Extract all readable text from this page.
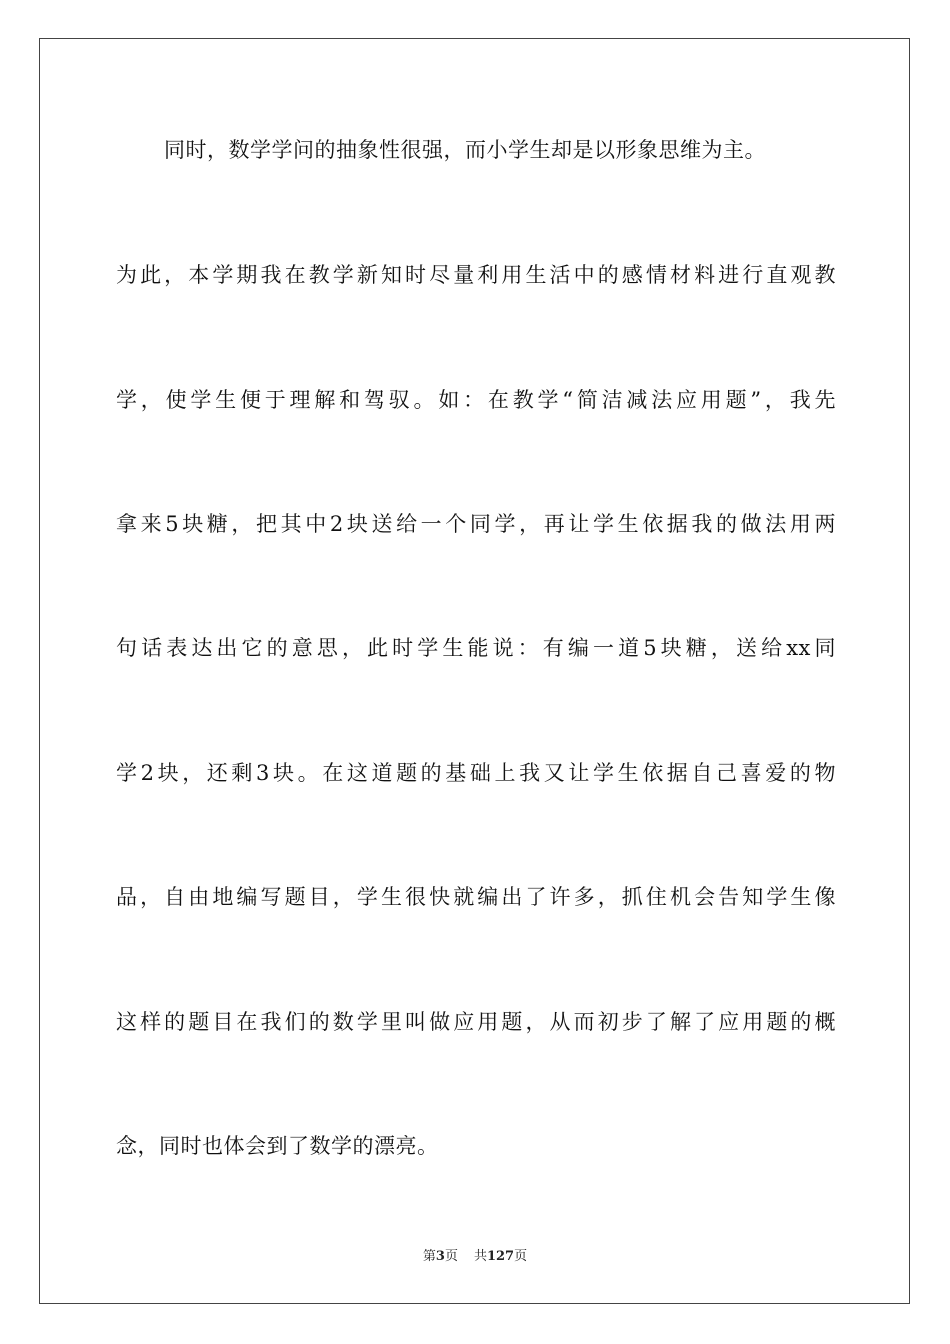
同时，数学学问的抽象性很强，而小学生却是以形象思维为主。
为此，本学期我在教学新知时尽量利用生活中的感情材料进行直观教
学，使学生便于理解和驾驭。如：在教学“简洁减法应用题”，我先
拿来5块糖，把其中2块送给一个同学，再让学生依据我的做法用两
句话表达出它的意思，此时学生能说：有编一道5块糖，送给xx同
学2块，还剩3块。在这道题的基础上我又让学生依据自己喜爱的物
品，自由地编写题目，学生很快就编出了许多，抓住机会告知学生像
这样的题目在我们的数学里叫做应用题，从而初步了解了应用题的概
念，同时也体会到了数学的漂亮。
第3页 共127页
